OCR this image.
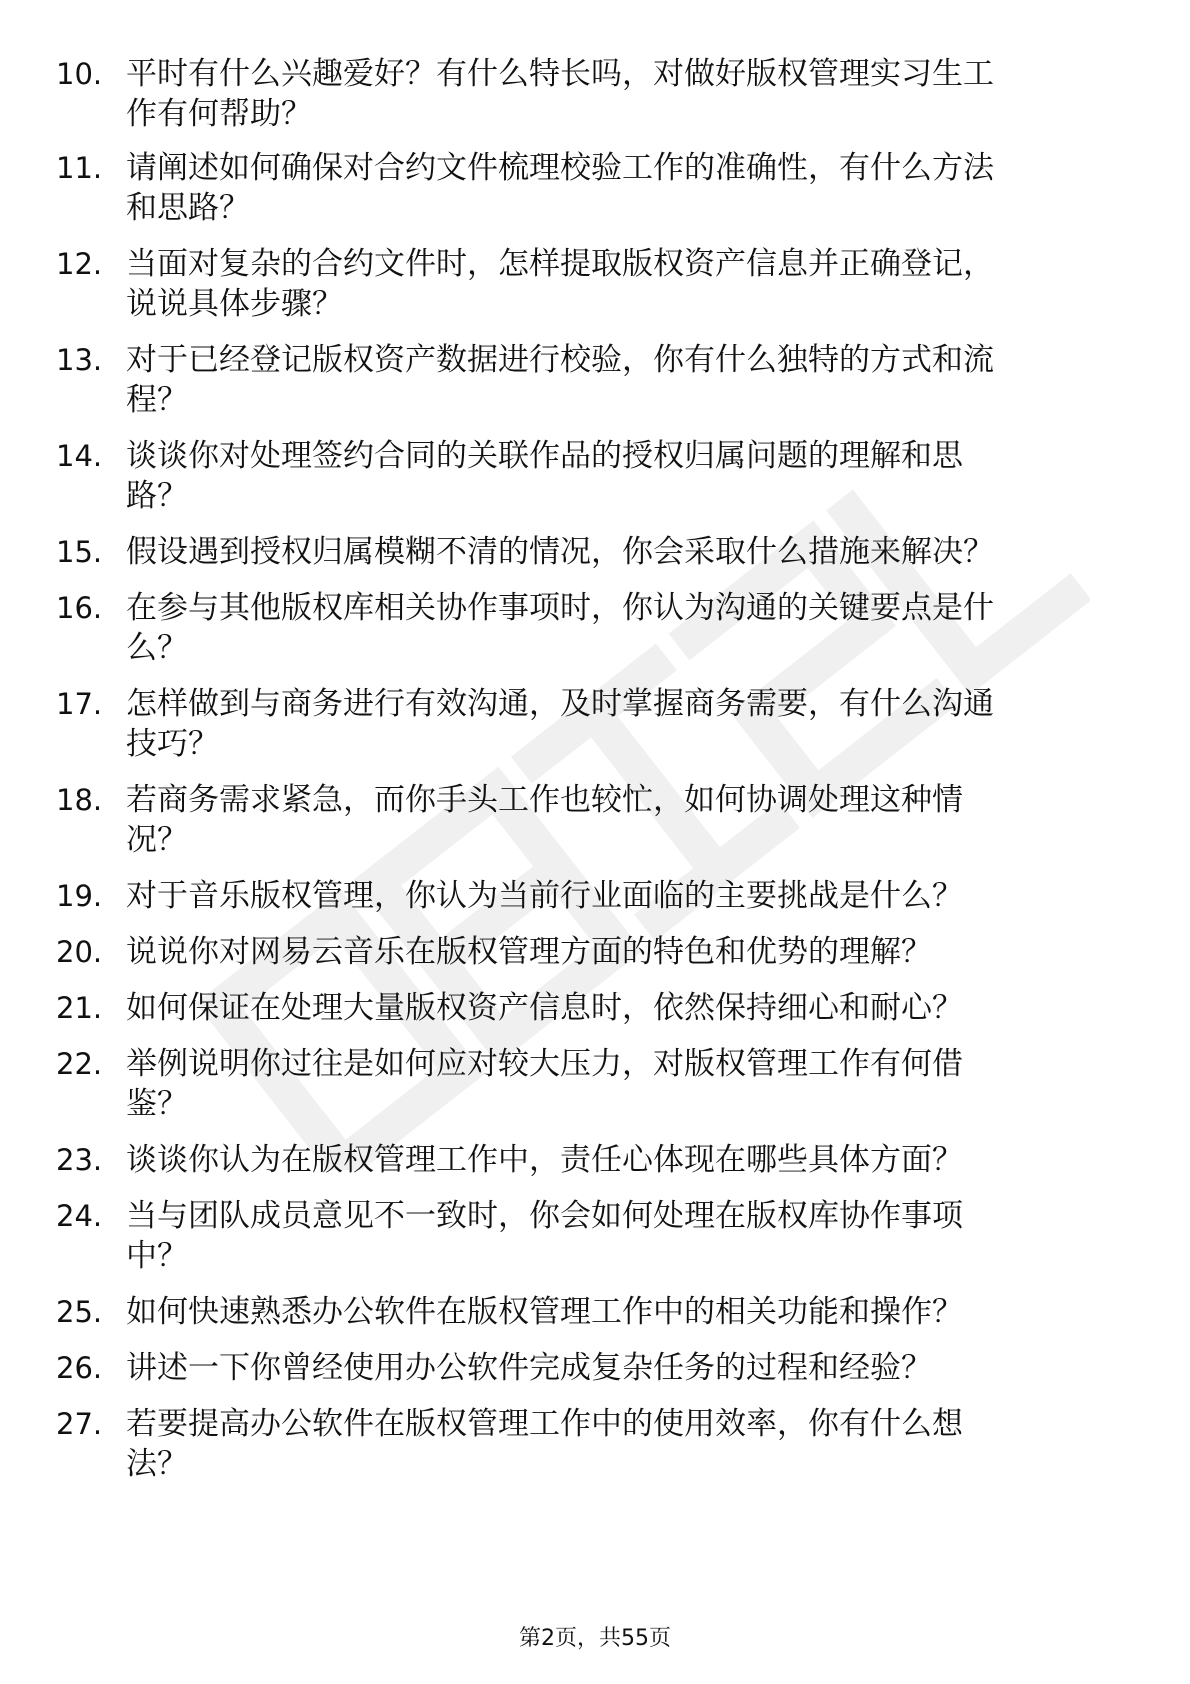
10. 平时有什么兴趣爱好？有什么特长吗，对做好版权管理实习生工
作有何帮助？
11. 请阐述如何确保对合约文件梳理校验工作的准确性，有什么方法
和思路？
12. 当面对复杂的合约文件时，怎样提取版权资产信息并正确登记，
说说具体步骤？
13. 对于已经登记版权资产数据进行校验，你有什么独特的方式和流
程？
14. 谈谈你对处理签约合同的关联作品的授权归属问题的理解和思
路？
15. 假设遇到授权归属模糊不清的情况，你会采取什么措施来解决？
16. 在参与其他版权库相关协作事项时，你认为沟通的关键要点是什
么？
17. 怎样做到与商务进行有效沟通，及时掌握商务需要，有什么沟通
技巧？
18. 若商务需求紧急，而你手头工作也较忙，如何协调处理这种情
况？
19. 对于音乐版权管理，你认为当前行业面临的主要挑战是什么？
20. 说说你对网易云音乐在版权管理方面的特色和优势的理解？
21. 如何保证在处理大量版权资产信息时，依然保持细心和耐心？
22. 举例说明你过往是如何应对较大压力，对版权管理工作有何借
鉴？
23. 谈谈你认为在版权管理工作中，责任心体现在哪些具体方面？
24. 当与团队成员意见不一致时，你会如何处理在版权库协作事项
中？
25. 如何快速熟悉办公软件在版权管理工作中的相关功能和操作？
26. 讲述一下你曾经使用办公软件完成复杂任务的过程和经验？
27. 若要提高办公软件在版权管理工作中的使用效率，你有什么想
法？
第2页，共55页
